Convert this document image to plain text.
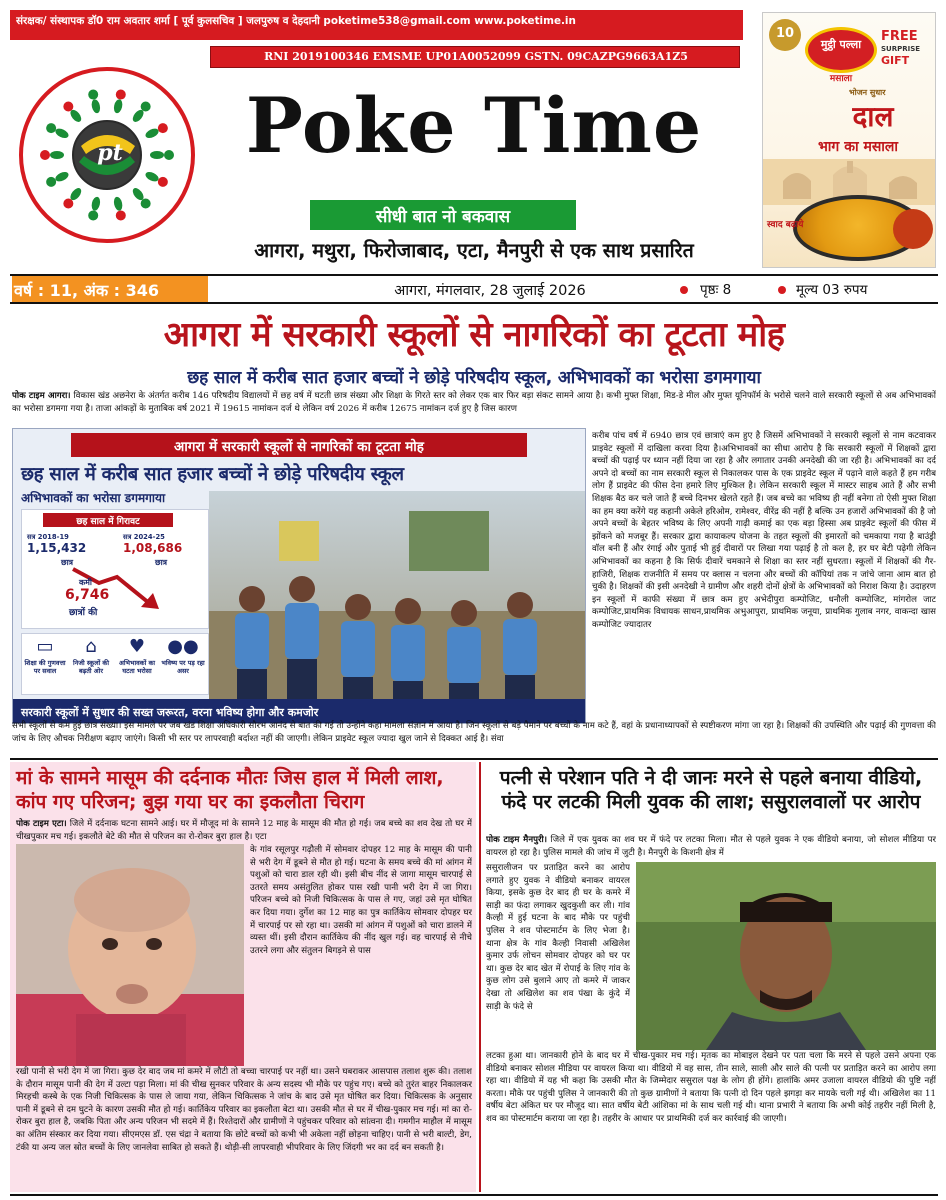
संरक्षक/ संस्थापक डॉ0 राम अवतार शर्मा [ पूर्व कुलसचिव ] जलपुरुष व देहदानी poketime538@gmail.com www.poketime.in
RNI 2019100346 EMSME UP01A0052099 GSTN. 09CAZPG9663A1Z5
pt	Poke Time
सीधी बात नो बकवास
आगरा, मथुरा, फिरोजाबाद, एटा, मैनपुरी से एक साथ प्रसारित
10
मुट्ठी पल्ला
मसाला
FREE
SURPRISE
GIFT
भोजन सुधार
दाल
भाग का मसाला
स्वाद बढ़ाये
वर्ष : 11, अंक : 346	आगरा, मंगलवार, 28 जुलाई 2026	पृष्ठः 8	मूल्य 03 रुपय
आगरा में सरकारी स्कूलों से नागरिकों का टूटता मोह
छह साल में करीब सात हजार बच्चों ने छोड़े परिषदीय स्कूल, अभिभावकों का भरोसा डगमगाया
पोक टाइम आगरा। विकास खंड अछनेरा के अंतर्गत करीब 146 परिषदीय विद्यालयों में छह वर्ष में घटती छात्र संख्या और शिक्षा के गिरते स्तर को लेकर एक बार फिर बड़ा संकट सामने आया है। कभी मुफ्त शिक्षा, मिड-डे मील और मुफ्त यूनिफॉर्म के भरोसे चलने वाले सरकारी स्कूलों से अब अभिभावकों का भरोसा डगमगा गया है। ताजा आंकड़ों के मुताबिक वर्ष 2021 में 19615 नामांकन दर्ज थे लेकिन वर्ष 2026 में करीब 12675 नामांकन दर्ज हुए है जिस कारण
आगरा में सरकारी स्कूलों से नागरिकों का टूटता मोह
छह साल में करीब सात हजार बच्चों ने छोड़े परिषदीय स्कूल
अभिभावकों का भरोसा डगमगाया
छह साल में गिरावट
सत्र 2018-19
1,15,432
छात्र
सत्र 2024-25
1,08,686
छात्र
कमी
6,746
छात्रों की
▭
शिक्षा की गुणवत्ता पर सवाल
⌂
निजी स्कूलों की बढ़ती ओर
♥
अभिभावकों का घटता भरोसा
●●
भविष्य पर पड़ रहा असर
सरकारी स्कूलों में सुधार की सख्त जरूरत, वरना भविष्य होगा और कमजोर
करीब पांच वर्ष में 6940 छात्र एवं छात्राएं कम हुए है जिसमें अभिभावकों ने सरकारी स्कूलों से नाम कटवाकर प्राइवेट स्कूलों में दाखिला करवा दिया है।अभिभावकों का सीधा आरोप है कि सरकारी स्कूलों में शिक्षकों द्वारा बच्चों की पढ़ाई पर ध्यान नहीं दिया जा रहा है और लगातार उनकी अनदेखी की जा रही है। अभिभावकों का दर्द अपने दो बच्चों का नाम सरकारी स्कूल से निकालकर पास के एक प्राइवेट स्कूल में पढ़ाने वाले कहते हैं हम गरीब लोग हैं प्राइवेट की फीस देना हमारे लिए मुश्किल है। लेकिन सरकारी स्कूल में मास्टर साहब आते हैं और सभी शिक्षक बैठ कर चले जाते हैं बच्चे दिनभर खेलते रहते हैं। जब बच्चे का भविष्य ही नहीं बनेगा तो ऐसी मुफ्त शिक्षा का हम क्या करेंगे यह कहानी अकेले हरिओम, रामेश्वर, वीरेंद्र की नहीं है बल्कि उन हजारों अभिभावकों की है जो अपने बच्चों के बेहतर भविष्य के लिए अपनी गाढ़ी कमाई का एक बड़ा हिस्सा अब प्राइवेट स्कूलों की फीस में झोंकने को मजबूर हैं। सरकार द्वारा कायाकल्प योजना के तहत स्कूलों की इमारतों को चमकाया गया है बाउंड्री वॉल बनी हैं और रंगाई और पुताई भी हुई दीवारों पर लिखा गया पढ़ाई है तो कल है, हर घर बेटी पढ़ेगी लेकिन अभिभावकों का कहना है कि सिर्फ दीवारें चमकाने से शिक्षा का स्तर नहीं सुधरता। स्कूलों में शिक्षकों की गैर-हाजिरी, शिक्षक राजनीति में समय पर क्लास न चलना और बच्चों की कॉपियां तक न जांचे जाना आम बात हो चुकी है। शिक्षकों की इसी अनदेखी ने ग्रामीण और शहरी दोनों क्षेत्रों के अभिभावकों को निराश किया है। उदाहरण इन स्कूलों में काफी संख्या में छात्र कम हुए अभेदीपुरा कम्पोजिट, धनौली कम्पोजिट, मांगरोल जाट कम्पोजिट,प्राथमिक विधायक साधन,प्राथमिक अभुआपुरा, प्राथमिक जनूया, प्राथमिक गुलाब नगर, वाकन्दा खास कम्पोजिट ज्यादातर
सभी स्कूलों से कम हुई छात्र संख्या। इस मामले पर जब खंड शिक्षा अधिकारी सौरभ आनंद से बात की गई तो उन्होंने कहा मामला संज्ञान में आया है। जिन स्कूलों से बड़े पैमाने पर बच्चों के नाम कटे हैं, वहां के प्रधानाध्यापकों से स्पष्टीकरण मांगा जा रहा है। शिक्षकों की उपस्थिति और पढ़ाई की गुणवत्ता की जांच के लिए औचक निरीक्षण बढ़ाए जाएंगे। किसी भी स्तर पर लापरवाही बर्दाश्त नहीं की जाएगी। लेकिन प्राइवेट स्कूल ज्यादा खुल जाने से दिक्कत आई है। संवा
मां के सामने मासूम की दर्दनाक मौतः जिस हाल में मिली लाश, कांप गए परिजन; बुझ गया घर का इकलौता चिराग
पोक टाइम एटा। जिले में दर्दनाक घटना सामने आई। घर में मौजूद मां के सामने 12 माह के मासूम की मौत हो गई। जब बच्चे का शव देख तो घर में चीखपुकार मच गई। इकलौते बेटे की मौत से परिजन का रो-रोकर बुरा हाल है। एटा
के गांव रसूलपुर गढ़ौली में सोमवार दोपहर 12 माह के मासूम की पानी से भरी देग में डूबने से मौत हो गई। घटना के समय बच्चे की मां आंगन में पशुओं को चारा डाल रही थी। इसी बीच नींद से जागा मासूम चारपाई से उतरते समय असंतुलित होकर पास रखी पानी भरी देग में जा गिरा। परिजन बच्चे को निजी चिकित्सक के पास ले गए, जहां उसे मृत घोषित कर दिया गया। दुर्गेश का 12 माह का पुत्र कार्तिकेय सोमवार दोपहर घर में चारपाई पर सो रहा था। उसकी मां आंगन में पशुओं को चारा डालने में व्यस्त थीं। इसी दौरान कार्तिकेय की नींद खुल गई। वह चारपाई से नीचे उतरने लगा और संतुलन बिगड़ने से पास
रखी पानी से भरी देग में जा गिरा। कुछ देर बाद जब मां कमरे में लौटी तो बच्चा चारपाई पर नहीं था। उसने घबराकर आसपास तलाश शुरू की। तलाश के दौरान मासूम पानी की देग में उल्टा पड़ा मिला। मां की चीख सुनकर परिवार के अन्य सदस्य भी मौके पर पहुंच गए। बच्चे को तुरंत बाहर निकालकर मिरहची कस्बे के एक निजी चिकित्सक के पास ले जाया गया, लेकिन चिकित्सक ने जांच के बाद उसे मृत घोषित कर दिया। चिकित्सक के अनुसार पानी में डूबने से दम घुटने के कारण उसकी मौत हो गई। कार्तिकेय परिवार का इकलौता बेटा था। उसकी मौत से घर में चीख-पुकार मच गई। मां का रो-रोकर बुरा हाल है, जबकि पिता और अन्य परिजन भी सदमे में हैं। रिश्तेदारों और ग्रामीणों ने पहुंचकर परिवार को सांत्वना दी। गमगीन माहौल में मासूम का अंतिम संस्कार कर दिया गया। सीएमएस डॉ. एस चंद्रा ने बताया कि छोटे बच्चों को कभी भी अकेला नहीं छोड़ना चाहिए। पानी से भरी बाल्टी, डेग, टंकी या अन्य जल स्रोत बच्चों के लिए जानलेवा साबित हो सकते हैं। थोड़ी-सी लापरवाही भीपरिवार के लिए जिंदगी भर का दर्द बन सकती है।
पत्नी से परेशान पति ने दी जानः मरने से पहले बनाया वीडियो, फंदे पर लटकी मिली युवक की लाश; ससुरालवालों पर आरोप
पोक टाइम मैनपुरी। जिले में एक युवक का शव घर में फंदे पर लटका मिला। मौत से पहले युवक ने एक वीडियो बनाया, जो सोशल मीडिया पर वायरल हो रहा है। पुलिस मामले की जांच में जुटी है। मैनपुरी के किशनी क्षेत्र में
ससुरालीजन पर प्रताड़ित करने का आरोप लगाते हुए युवक ने वीडियो बनाकर वायरल किया, इसके कुछ देर बाद ही घर के कमरे में साड़ी का फंदा लगाकर खुदकुशी कर ली। गांव कैल्ही में हुई घटना के बाद मौके पर पहुंची पुलिस ने शव पोस्टमार्टम के लिए भेजा है। थाना क्षेत्र के गांव कैल्ही निवासी अखिलेश कुमार उर्फ लोचन सोमवार दोपहर को घर पर था। कुछ देर बाद खेत में रोपाई के लिए गांव के कुछ लोग उसे बुलाने आए तो कमरे में जाकर देखा तो अखिलेश का शव पंखा के कुंदे में साड़ी के फंदे से
लटका हुआ था। जानकारी होने के बाद घर में चीख-पुकार मच गई। मृतक का मोबाइल देखने पर पता चला कि मरने से पहले उसने अपना एक वीडियो बनाकर सोशल मीडिया पर वायरल किया था। वीडियो में वह सास, तीन साले, साली और साले की पत्नी पर प्रताड़ित करने का आरोप लगा रहा था। वीडियो में यह भी कहा कि उसकी मौत के जिम्मेदार ससुराल पक्ष के लोग ही होंगे। हालांकि अमर उजाला वायरल वीडियो की पुष्टि नहीं करता। मौके पर पहुंची पुलिस ने जानकारी की तो कुछ ग्रामीणों ने बताया कि पत्नी दो दिन पहले झगड़ा कर मायके चली गई थी। अखिलेश का 11 वर्षीय बेटा अंकित घर पर मौजूद था। सात वर्षीय बेटी आंशिका मां के साथ चली गई थी। थाना प्रभारी ने बताया कि अभी कोई तहरीर नहीं मिली है, शव का पोस्टमार्टम कराया जा रहा है। तहरीर के आधार पर प्राथमिकी दर्ज कर कार्रवाई की जाएगी।
